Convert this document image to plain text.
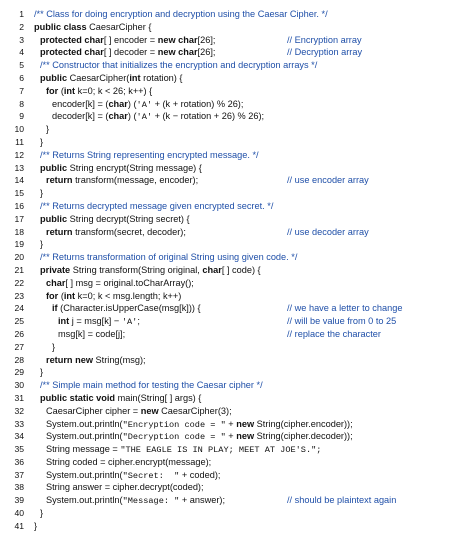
1 /** Class for doing encryption and decryption using the Caesar Cipher. */
2 public class CaesarCipher {
3	protected char[ ] encoder = new char[26];	// Encryption array
4	protected char[ ] decoder = new char[26];	// Decryption array
5	/** Constructor that initializes the encryption and decryption arrays */
6	public CaesarCipher(int rotation) {
7	for (int k=0; k < 26; k++) {
8	encoder[k] = (char) ('A' + (k + rotation) % 26);
9	decoder[k] = (char) ('A' + (k − rotation + 26) % 26);
10	}
11	}
12	/** Returns String representing encrypted message. */
13	public String encrypt(String message) {
14	return transform(message, encoder);	// use encoder array
15	}
16	/** Returns decrypted message given encrypted secret. */
17	public String decrypt(String secret) {
18	return transform(secret, decoder);	// use decoder array
19	}
20	/** Returns transformation of original String using given code. */
21	private String transform(String original, char[ ] code) {
22	char[ ] msg = original.toCharArray();
23	for (int k=0; k < msg.length; k++)
24	if (Character.isUpperCase(msg[k])) {	// we have a letter to change
25	int j = msg[k] − 'A';	// will be value from 0 to 25
26	msg[k] = code[j];	// replace the character
27	}
28	return new String(msg);
29	}
30	/** Simple main method for testing the Caesar cipher */
31	public static void main(String[ ] args) {
32	CaesarCipher cipher = new CaesarCipher(3);
33	System.out.println("Encryption code = " + new String(cipher.encoder));
34	System.out.println("Decryption code = " + new String(cipher.decoder));
35	String message = "THE EAGLE IS IN PLAY; MEET AT JOE'S.";
36	String coded = cipher.encrypt(message);
37	System.out.println("Secret:  " + coded);
38	String answer = cipher.decrypt(coded);
39	System.out.println("Message: " + answer);	// should be plaintext again
40	}
41 }
